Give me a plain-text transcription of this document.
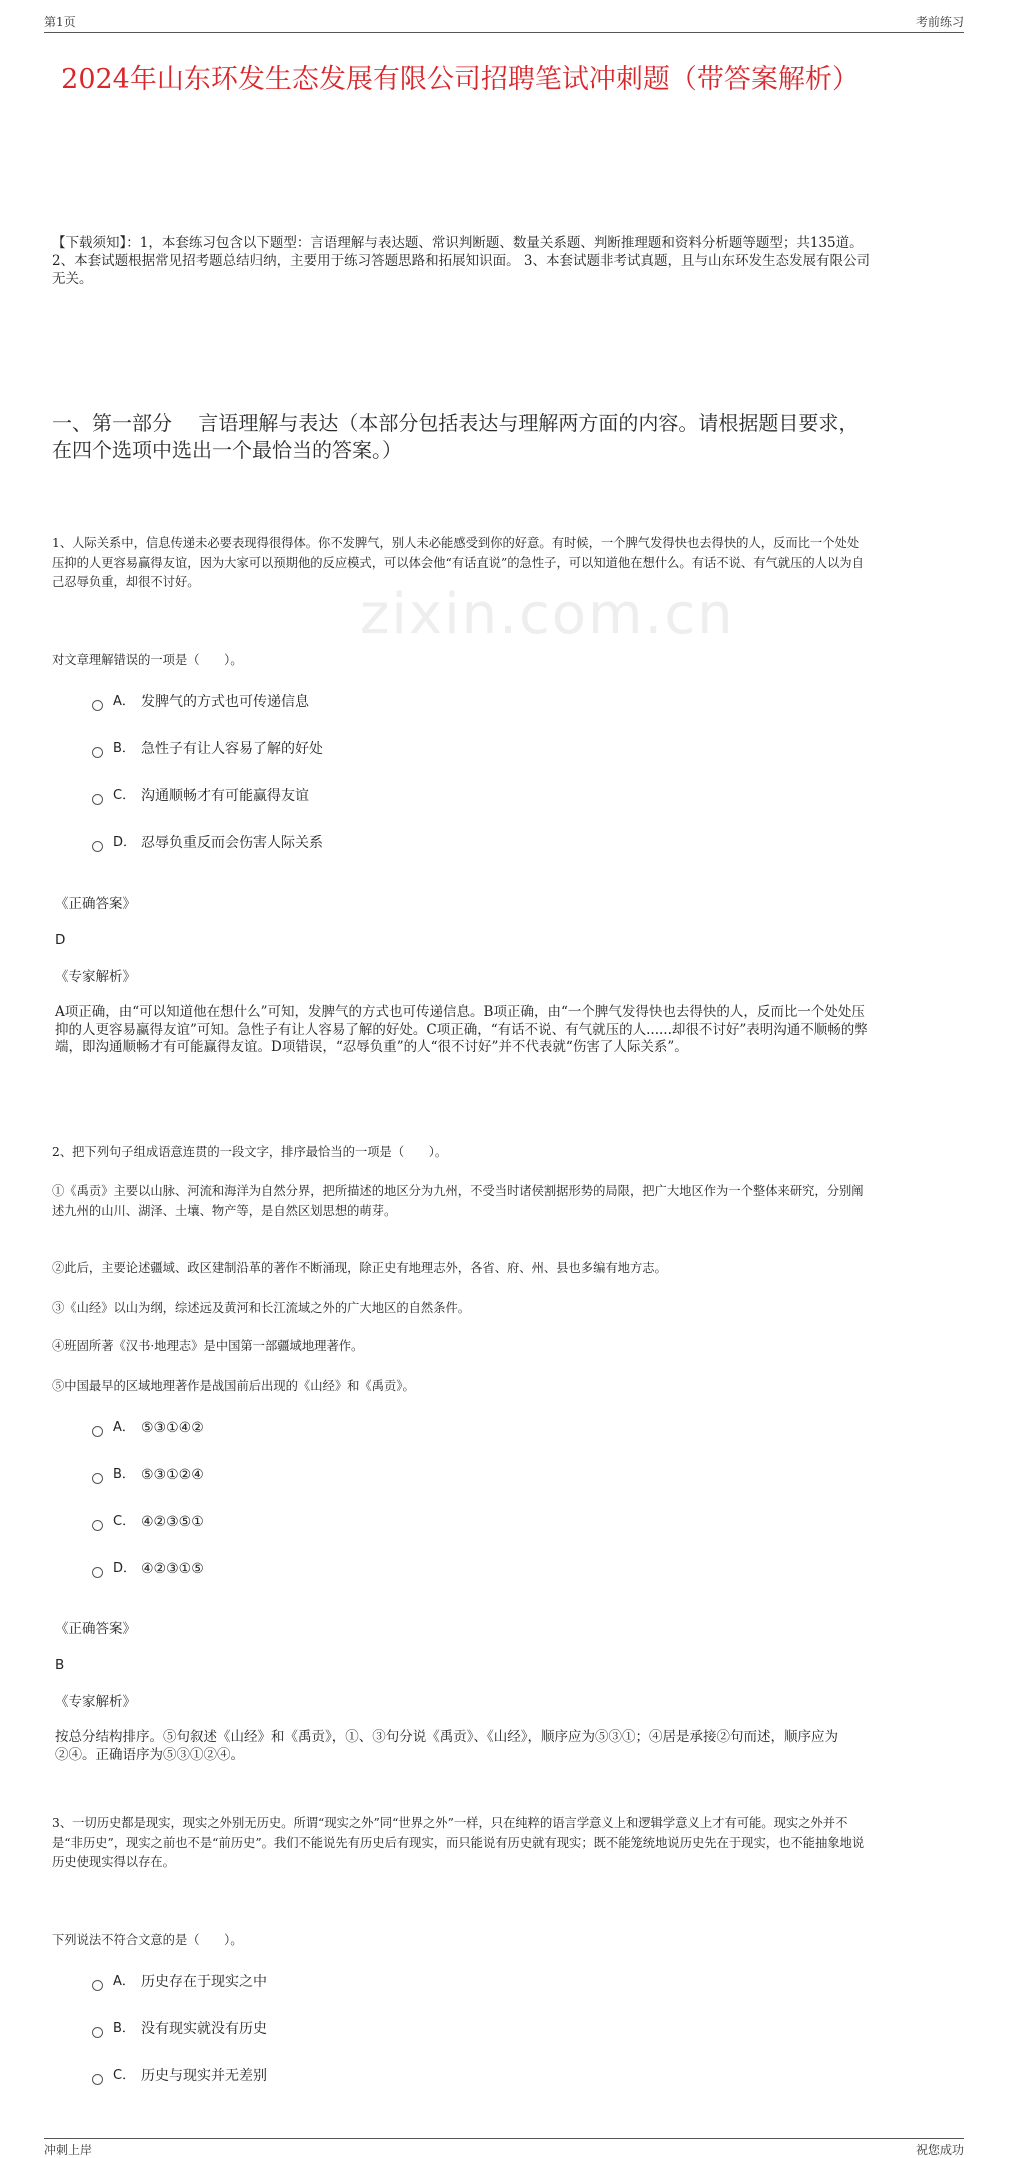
zixin.com.cn
第1页	考前练习
2024年山东环发生态发展有限公司招聘笔试冲刺题（带答案解析）
【下载须知】：1，本套练习包含以下题型：言语理解与表达题、常识判断题、数量关系题、判断推理题和资料分析题等题型；共135道。 2、本套试题根据常见招考题总结归纳，主要用于练习答题思路和拓展知识面。 3、本套试题非考试真题，且与山东环发生态发展有限公司无关。
一、第一部分　 言语理解与表达（本部分包括表达与理解两方面的内容。请根据题目要求，在四个选项中选出一个最恰当的答案。）
1、人际关系中，信息传递未必要表现得很得体。你不发脾气，别人未必能感受到你的好意。有时候，一个脾气发得快也去得快的人，反而比一个处处压抑的人更容易赢得友谊，因为大家可以预期他的反应模式，可以体会他“有话直说”的急性子，可以知道他在想什么。有话不说、有气就压的人以为自己忍辱负重，却很不讨好。
对文章理解错误的一项是（　　）。
A． 发脾气的方式也可传递信息
B． 急性子有让人容易了解的好处
C． 沟通顺畅才有可能赢得友谊
D． 忍辱负重反而会伤害人际关系
《正确答案》
D
《专家解析》
A项正确，由“可以知道他在想什么”可知，发脾气的方式也可传递信息。B项正确，由“一个脾气发得快也去得快的人，反而比一个处处压抑的人更容易赢得友谊”可知。急性子有让人容易了解的好处。C项正确，“有话不说、有气就压的人......却很不讨好”表明沟通不顺畅的弊端，即沟通顺畅才有可能赢得友谊。D项错误，“忍辱负重”的人“很不讨好”并不代表就“伤害了人际关系”。
2、把下列句子组成语意连贯的一段文字，排序最恰当的一项是（　　）。
①《禹贡》主要以山脉、河流和海洋为自然分界，把所描述的地区分为九州，不受当时诸侯割据形势的局限，把广大地区作为一个整体来研究，分别阐述九州的山川、湖泽、土壤、物产等，是自然区划思想的萌芽。
②此后，主要论述疆域、政区建制沿革的著作不断涌现，除正史有地理志外，各省、府、州、县也多编有地方志。
③《山经》以山为纲，综述远及黄河和长江流域之外的广大地区的自然条件。
④班固所著《汉书·地理志》是中国第一部疆域地理著作。
⑤中国最早的区域地理著作是战国前后出现的《山经》和《禹贡》。
A． ⑤③①④②
B． ⑤③①②④
C． ④②③⑤①
D． ④②③①⑤
《正确答案》
B
《专家解析》
按总分结构排序。⑤句叙述《山经》和《禹贡》，①、③句分说《禹贡》、《山经》，顺序应为⑤③①；④居是承接②句而述，顺序应为②④。正确语序为⑤③①②④。
3、一切历史都是现实，现实之外别无历史。所谓“现实之外”同“世界之外”一样，只在纯粹的语言学意义上和逻辑学意义上才有可能。现实之外并不是“非历史”，现实之前也不是“前历史”。我们不能说先有历史后有现实，而只能说有历史就有现实；既不能笼统地说历史先在于现实，也不能抽象地说历史使现实得以存在。
下列说法不符合文意的是（　　）。
A． 历史存在于现实之中
B． 没有现实就没有历史
C． 历史与现实并无差别
冲刺上岸	祝您成功
